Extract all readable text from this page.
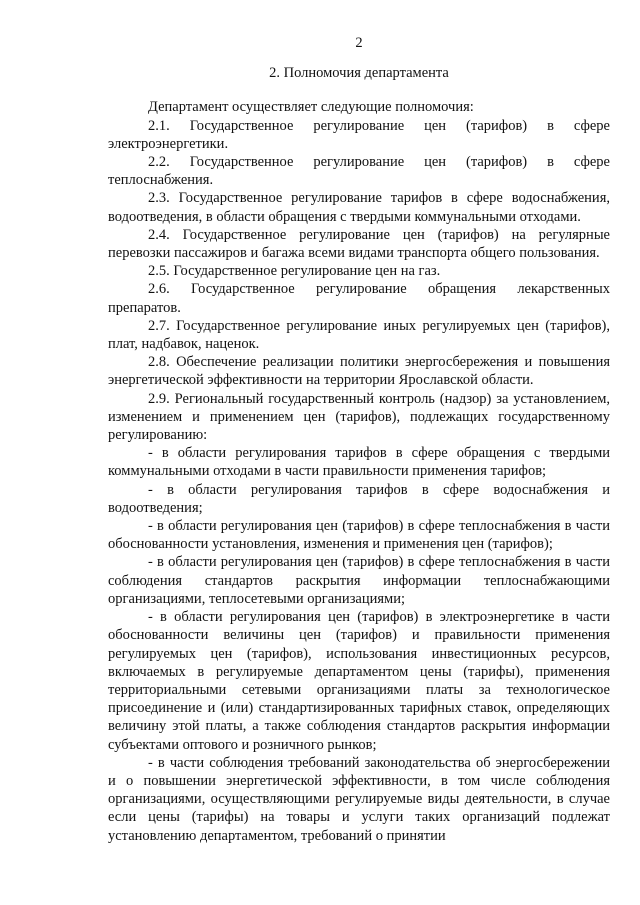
2
2. Полномочия департамента

Департамент осуществляет следующие полномочия:

2.1. Государственное регулирование цен (тарифов) в сфере электроэнергетики.

2.2. Государственное регулирование цен (тарифов) в сфере теплоснабжения.

2.3. Государственное регулирование тарифов в сфере водоснабжения, водоотведения, в области обращения с твердыми коммунальными отходами.

2.4. Государственное регулирование цен (тарифов) на регулярные перевозки пассажиров и багажа всеми видами транспорта общего пользования.

2.5. Государственное регулирование цен на газ.

2.6. Государственное регулирование обращения лекарственных препаратов.

2.7. Государственное регулирование иных регулируемых цен (тарифов), плат, надбавок, наценок.

2.8. Обеспечение реализации политики энергосбережения и повышения энергетической эффективности на территории Ярославской области.

2.9. Региональный государственный контроль (надзор) за установлением, изменением и применением цен (тарифов), подлежащих государственному регулированию:

- в области регулирования тарифов в сфере обращения с твердыми коммунальными отходами в части правильности применения тарифов;

- в области регулирования тарифов в сфере водоснабжения и водоотведения;

- в области регулирования цен (тарифов) в сфере теплоснабжения в части обоснованности установления, изменения и применения цен (тарифов);

- в области регулирования цен (тарифов) в сфере теплоснабжения в части соблюдения стандартов раскрытия информации теплоснабжающими организациями, теплосетевыми организациями;

- в области регулирования цен (тарифов) в электроэнергетике в части обоснованности величины цен (тарифов) и правильности применения регулируемых цен (тарифов), использования инвестиционных ресурсов, включаемых в регулируемые департаментом цены (тарифы), применения территориальными сетевыми организациями платы за технологическое присоединение и (или) стандартизированных тарифных ставок, определяющих величину этой платы, а также соблюдения стандартов раскрытия информации субъектами оптового и розничного рынков;

- в части соблюдения требований законодательства об энергосбережении и о повышении энергетической эффективности, в том числе соблюдения организациями, осуществляющими регулируемые виды деятельности, в случае если цены (тарифы) на товары и услуги таких организаций подлежат установлению департаментом, требований о принятии
